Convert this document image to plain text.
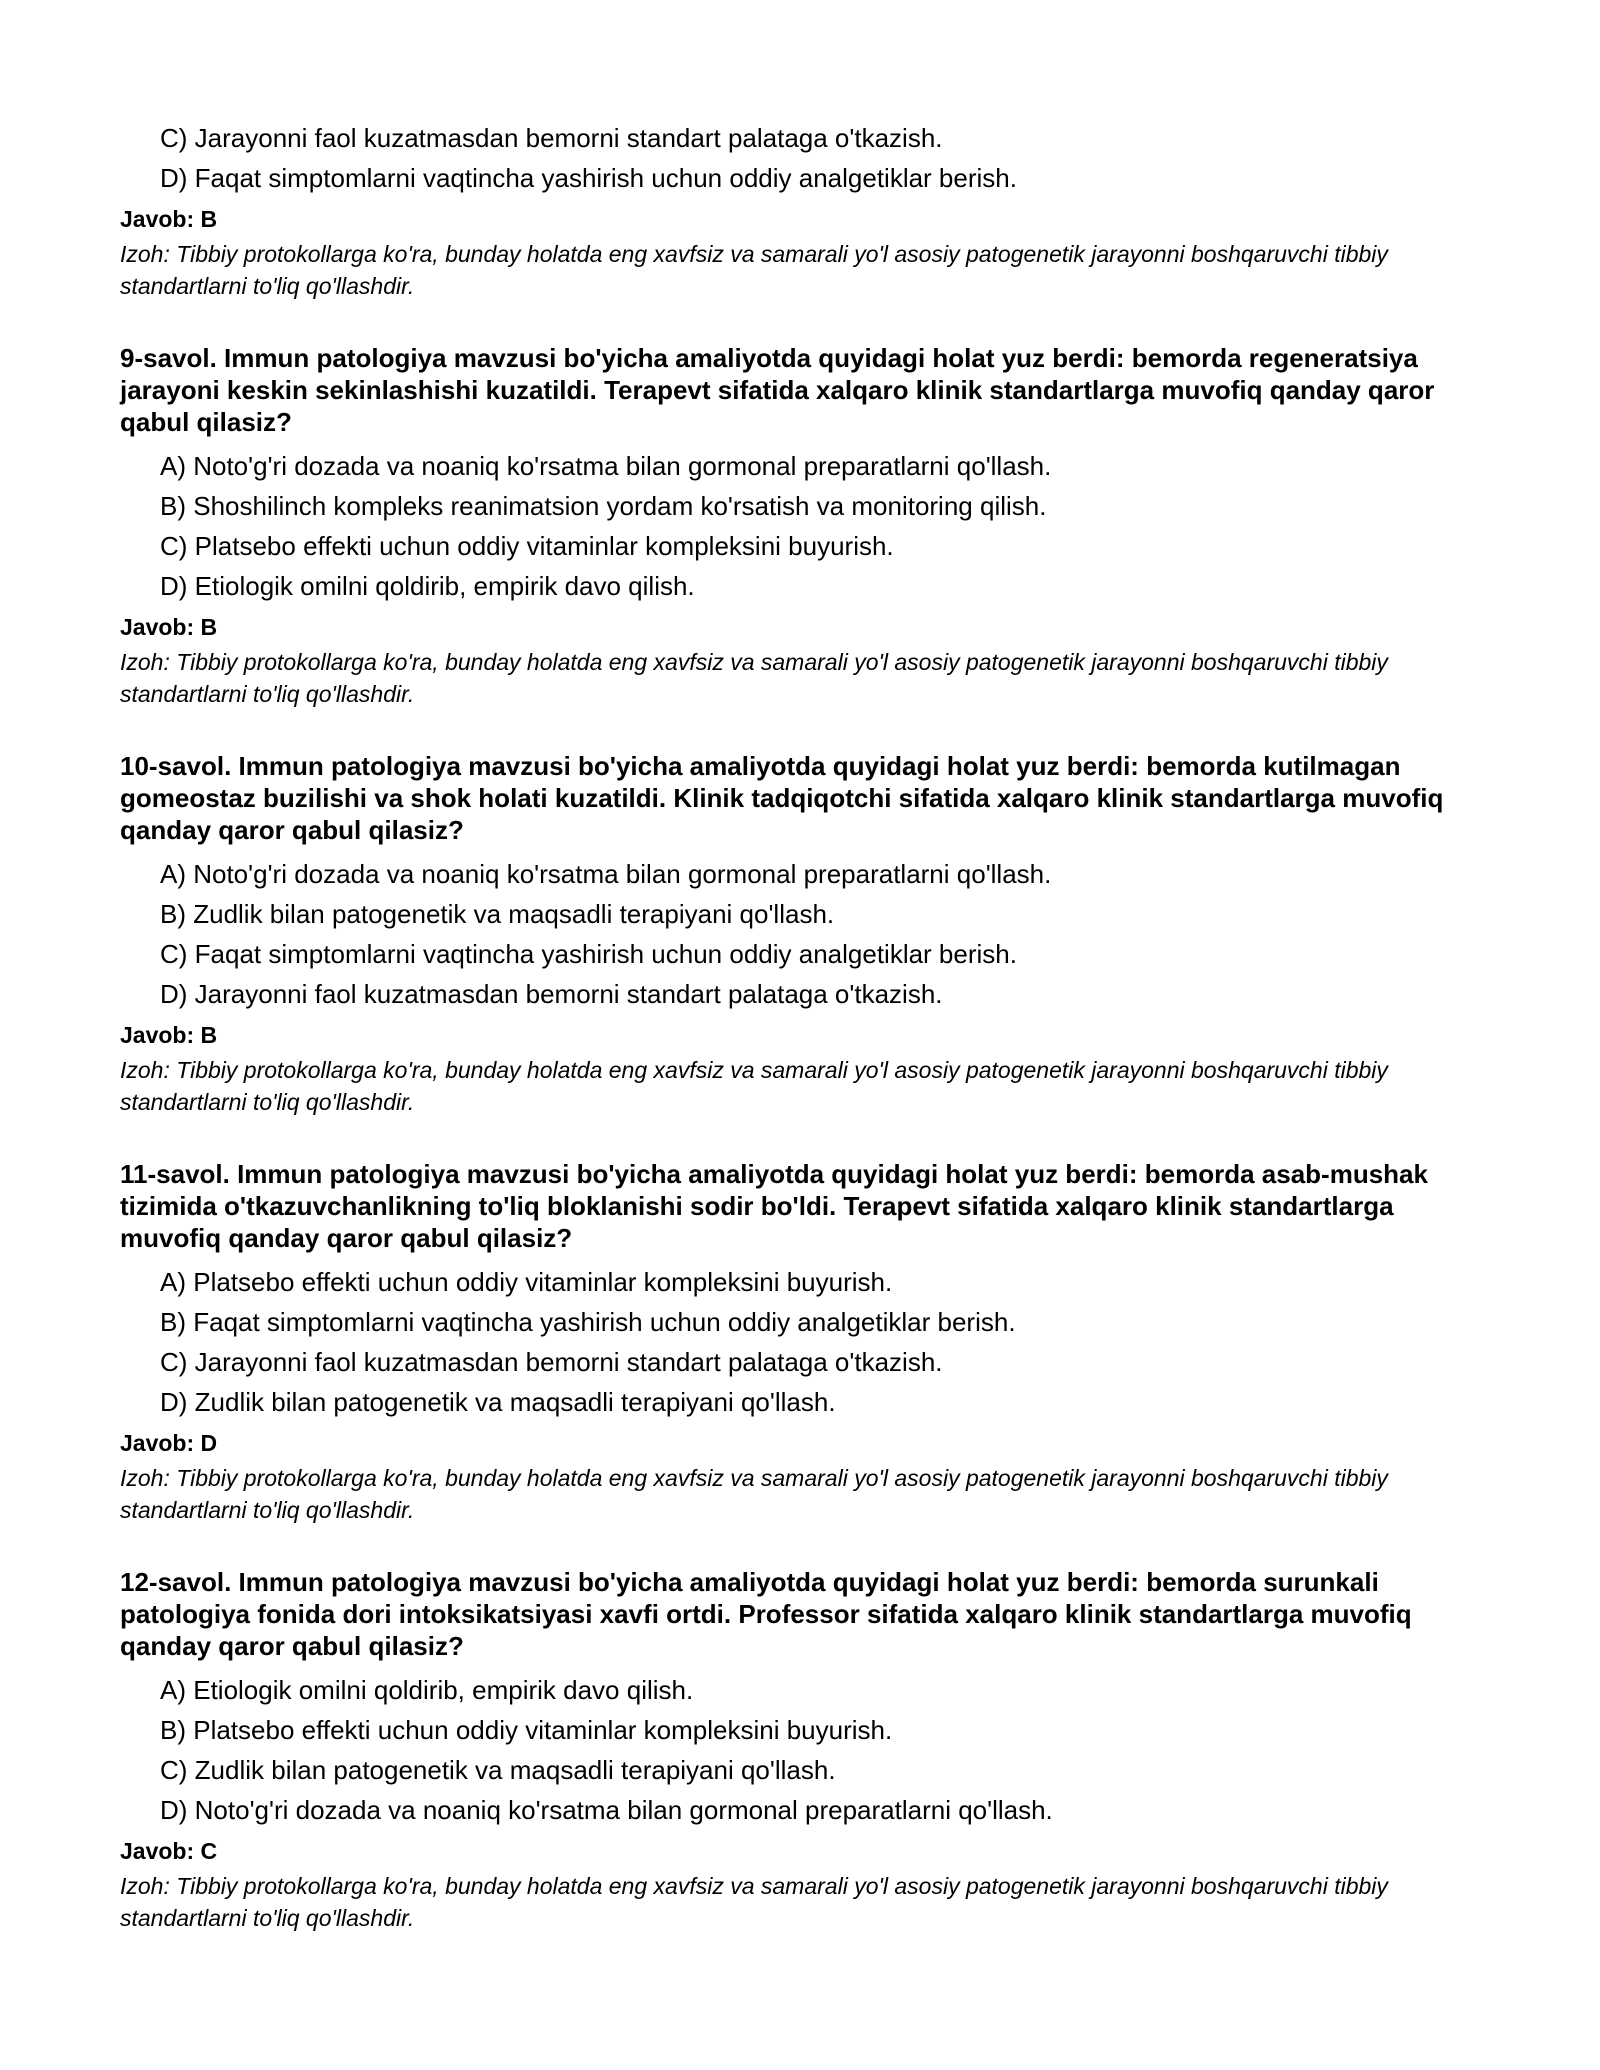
C) Jarayonni faol kuzatmasdan bemorni standart palataga o'tkazish.
D) Faqat simptomlarni vaqtincha yashirish uchun oddiy analgetiklar berish.
Javob: B
Izoh: Tibbiy protokollarga ko'ra, bunday holatda eng xavfsiz va samarali yo'l asosiy patogenetik jarayonni boshqaruvchi tibbiy standartlarni to'liq qo'llashdir.
9-savol. Immun patologiya mavzusi bo'yicha amaliyotda quyidagi holat yuz berdi: bemorda regeneratsiya jarayoni keskin sekinlashishi kuzatildi. Terapevt sifatida xalqaro klinik standartlarga muvofiq qanday qaror qabul qilasiz?
A) Noto'g'ri dozada va noaniq ko'rsatma bilan gormonal preparatlarni qo'llash.
B) Shoshilinch kompleks reanimatsion yordam ko'rsatish va monitoring qilish.
C) Platsebo effekti uchun oddiy vitaminlar kompleksini buyurish.
D) Etiologik omilni qoldirib, empirik davo qilish.
Javob: B
Izoh: Tibbiy protokollarga ko'ra, bunday holatda eng xavfsiz va samarali yo'l asosiy patogenetik jarayonni boshqaruvchi tibbiy standartlarni to'liq qo'llashdir.
10-savol. Immun patologiya mavzusi bo'yicha amaliyotda quyidagi holat yuz berdi: bemorda kutilmagan gomeostaz buzilishi va shok holati kuzatildi. Klinik tadqiqotchi sifatida xalqaro klinik standartlarga muvofiq qanday qaror qabul qilasiz?
A) Noto'g'ri dozada va noaniq ko'rsatma bilan gormonal preparatlarni qo'llash.
B) Zudlik bilan patogenetik va maqsadli terapiyani qo'llash.
C) Faqat simptomlarni vaqtincha yashirish uchun oddiy analgetiklar berish.
D) Jarayonni faol kuzatmasdan bemorni standart palataga o'tkazish.
Javob: B
Izoh: Tibbiy protokollarga ko'ra, bunday holatda eng xavfsiz va samarali yo'l asosiy patogenetik jarayonni boshqaruvchi tibbiy standartlarni to'liq qo'llashdir.
11-savol. Immun patologiya mavzusi bo'yicha amaliyotda quyidagi holat yuz berdi: bemorda asab-mushak tizimida o'tkazuvchanlikning to'liq bloklanishi sodir bo'ldi. Terapevt sifatida xalqaro klinik standartlarga muvofiq qanday qaror qabul qilasiz?
A) Platsebo effekti uchun oddiy vitaminlar kompleksini buyurish.
B) Faqat simptomlarni vaqtincha yashirish uchun oddiy analgetiklar berish.
C) Jarayonni faol kuzatmasdan bemorni standart palataga o'tkazish.
D) Zudlik bilan patogenetik va maqsadli terapiyani qo'llash.
Javob: D
Izoh: Tibbiy protokollarga ko'ra, bunday holatda eng xavfsiz va samarali yo'l asosiy patogenetik jarayonni boshqaruvchi tibbiy standartlarni to'liq qo'llashdir.
12-savol. Immun patologiya mavzusi bo'yicha amaliyotda quyidagi holat yuz berdi: bemorda surunkali patologiya fonida dori intoksikatsiyasi xavfi ortdi. Professor sifatida xalqaro klinik standartlarga muvofiq qanday qaror qabul qilasiz?
A) Etiologik omilni qoldirib, empirik davo qilish.
B) Platsebo effekti uchun oddiy vitaminlar kompleksini buyurish.
C) Zudlik bilan patogenetik va maqsadli terapiyani qo'llash.
D) Noto'g'ri dozada va noaniq ko'rsatma bilan gormonal preparatlarni qo'llash.
Javob: C
Izoh: Tibbiy protokollarga ko'ra, bunday holatda eng xavfsiz va samarali yo'l asosiy patogenetik jarayonni boshqaruvchi tibbiy standartlarni to'liq qo'llashdir.
